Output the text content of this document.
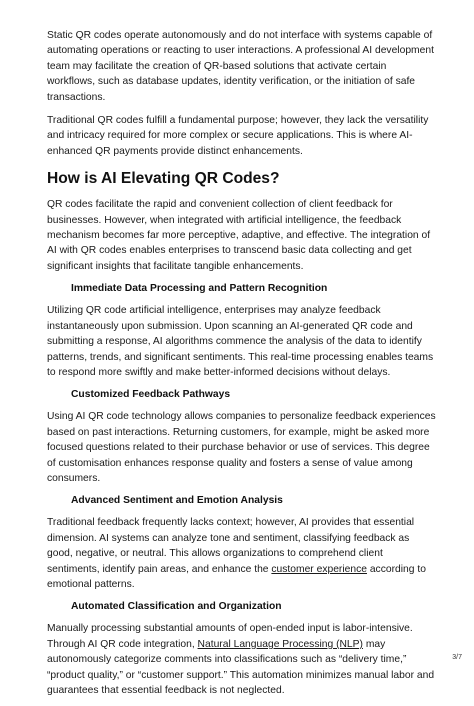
Static QR codes operate autonomously and do not interface with systems capable of automating operations or reacting to user interactions. A professional AI development team may facilitate the creation of QR-based solutions that activate certain workflows, such as database updates, identity verification, or the initiation of safe transactions.

Traditional QR codes fulfill a fundamental purpose; however, they lack the versatility and intricacy required for more complex or secure applications. This is where AI-enhanced QR payments provide distinct enhancements.

How is AI Elevating QR Codes?

QR codes facilitate the rapid and convenient collection of client feedback for businesses. However, when integrated with artificial intelligence, the feedback mechanism becomes far more perceptive, adaptive, and effective. The integration of AI with QR codes enables enterprises to transcend basic data collecting and get significant insights that facilitate tangible enhancements.

Immediate Data Processing and Pattern Recognition

Utilizing QR code artificial intelligence, enterprises may analyze feedback instantaneously upon submission. Upon scanning an AI-generated QR code and submitting a response, AI algorithms commence the analysis of the data to identify patterns, trends, and significant sentiments. This real-time processing enables teams to respond more swiftly and make better-informed decisions without delays.

Customized Feedback Pathways

Using AI QR code technology allows companies to personalize feedback experiences based on past interactions. Returning customers, for example, might be asked more focused questions related to their purchase behavior or use of services. This degree of customisation enhances response quality and fosters a sense of value among consumers.

Advanced Sentiment and Emotion Analysis

Traditional feedback frequently lacks context; however, AI provides that essential dimension. AI systems can analyze tone and sentiment, classifying feedback as good, negative, or neutral. This allows organizations to comprehend client sentiments, identify pain areas, and enhance the customer experience according to emotional patterns.

Automated Classification and Organization

Manually processing substantial amounts of open-ended input is labor-intensive. Through AI QR code integration, Natural Language Processing (NLP) may autonomously categorize comments into classifications such as “delivery time,” “product quality,” or “customer support.” This automation minimizes manual labor and guarantees that essential feedback is not neglected.

3/7
